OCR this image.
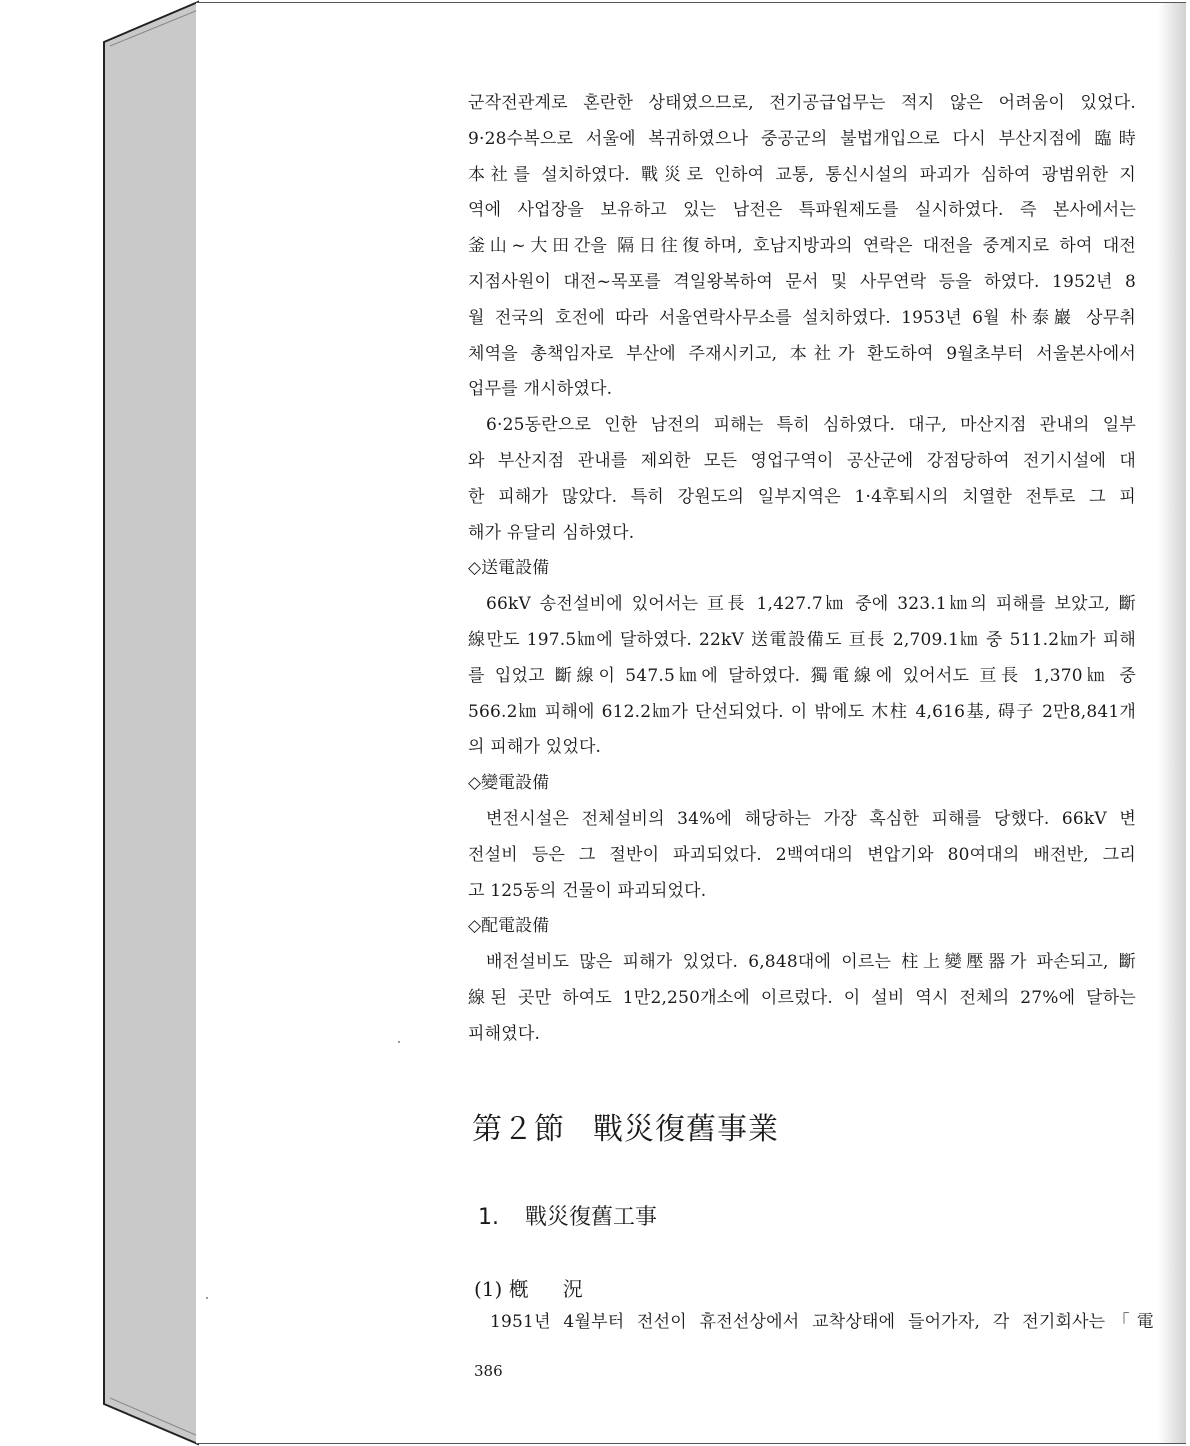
군작전관계로 혼란한 상태였으므로, 전기공급업무는 적지 않은 어려움이 있었다.
9·28수복으로 서울에 복귀하였으나 중공군의 불법개입으로 다시 부산지점에 臨時
本社를 설치하였다. 戰災로 인하여 교통, 통신시설의 파괴가 심하여 광범위한 지
역에 사업장을 보유하고 있는 남전은 특파원제도를 실시하였다. 즉 본사에서는
釜山~大田간을 隔日往復하며, 호남지방과의 연락은 대전을 중계지로 하여 대전
지점사원이 대전~목포를 격일왕복하여 문서 및 사무연락 등을 하였다. 1952년 8
월 전국의 호전에 따라 서울연락사무소를 설치하였다. 1953년 6월 朴泰巖 상무취
체역을 총책임자로 부산에 주재시키고, 本社가 환도하여 9월초부터 서울본사에서
업무를 개시하였다.
6·25동란으로 인한 남전의 피해는 특히 심하였다. 대구, 마산지점 관내의 일부
와 부산지점 관내를 제외한 모든 영업구역이 공산군에 강점당하여 전기시설에 대
한 피해가 많았다. 특히 강원도의 일부지역은 1·4후퇴시의 치열한 전투로 그 피
해가 유달리 심하였다.
◇送電設備
66kV 송전설비에 있어서는 亘長 1,427.7㎞ 중에 323.1㎞의 피해를 보았고, 斷
線만도 197.5㎞에 달하였다. 22kV 送電設備도 亘長 2,709.1㎞ 중 511.2㎞가 피해
를 입었고 斷線이 547.5㎞에 달하였다. 獨電線에 있어서도 亘長 1,370㎞ 중
566.2㎞ 피해에 612.2㎞가 단선되었다. 이 밖에도 木柱 4,616基, 碍子 2만8,841개
의 피해가 있었다.
◇變電設備
변전시설은 전체설비의 34%에 해당하는 가장 혹심한 피해를 당했다. 66kV 변
전설비 등은 그 절반이 파괴되었다. 2백여대의 변압기와 80여대의 배전반, 그리
고 125동의 건물이 파괴되었다.
◇配電設備
배전설비도 많은 피해가 있었다. 6,848대에 이르는 柱上變壓器가 파손되고, 斷
線된 곳만 하여도 1만2,250개소에 이르렀다. 이 설비 역시 전체의 27%에 달하는
피해였다.
第２節 戰災復舊事業
1. 戰災復舊工事
(1) 槪 況
1951년 4월부터 전선이 휴전선상에서 교착상태에 들어가자, 각 전기회사는「電
386
